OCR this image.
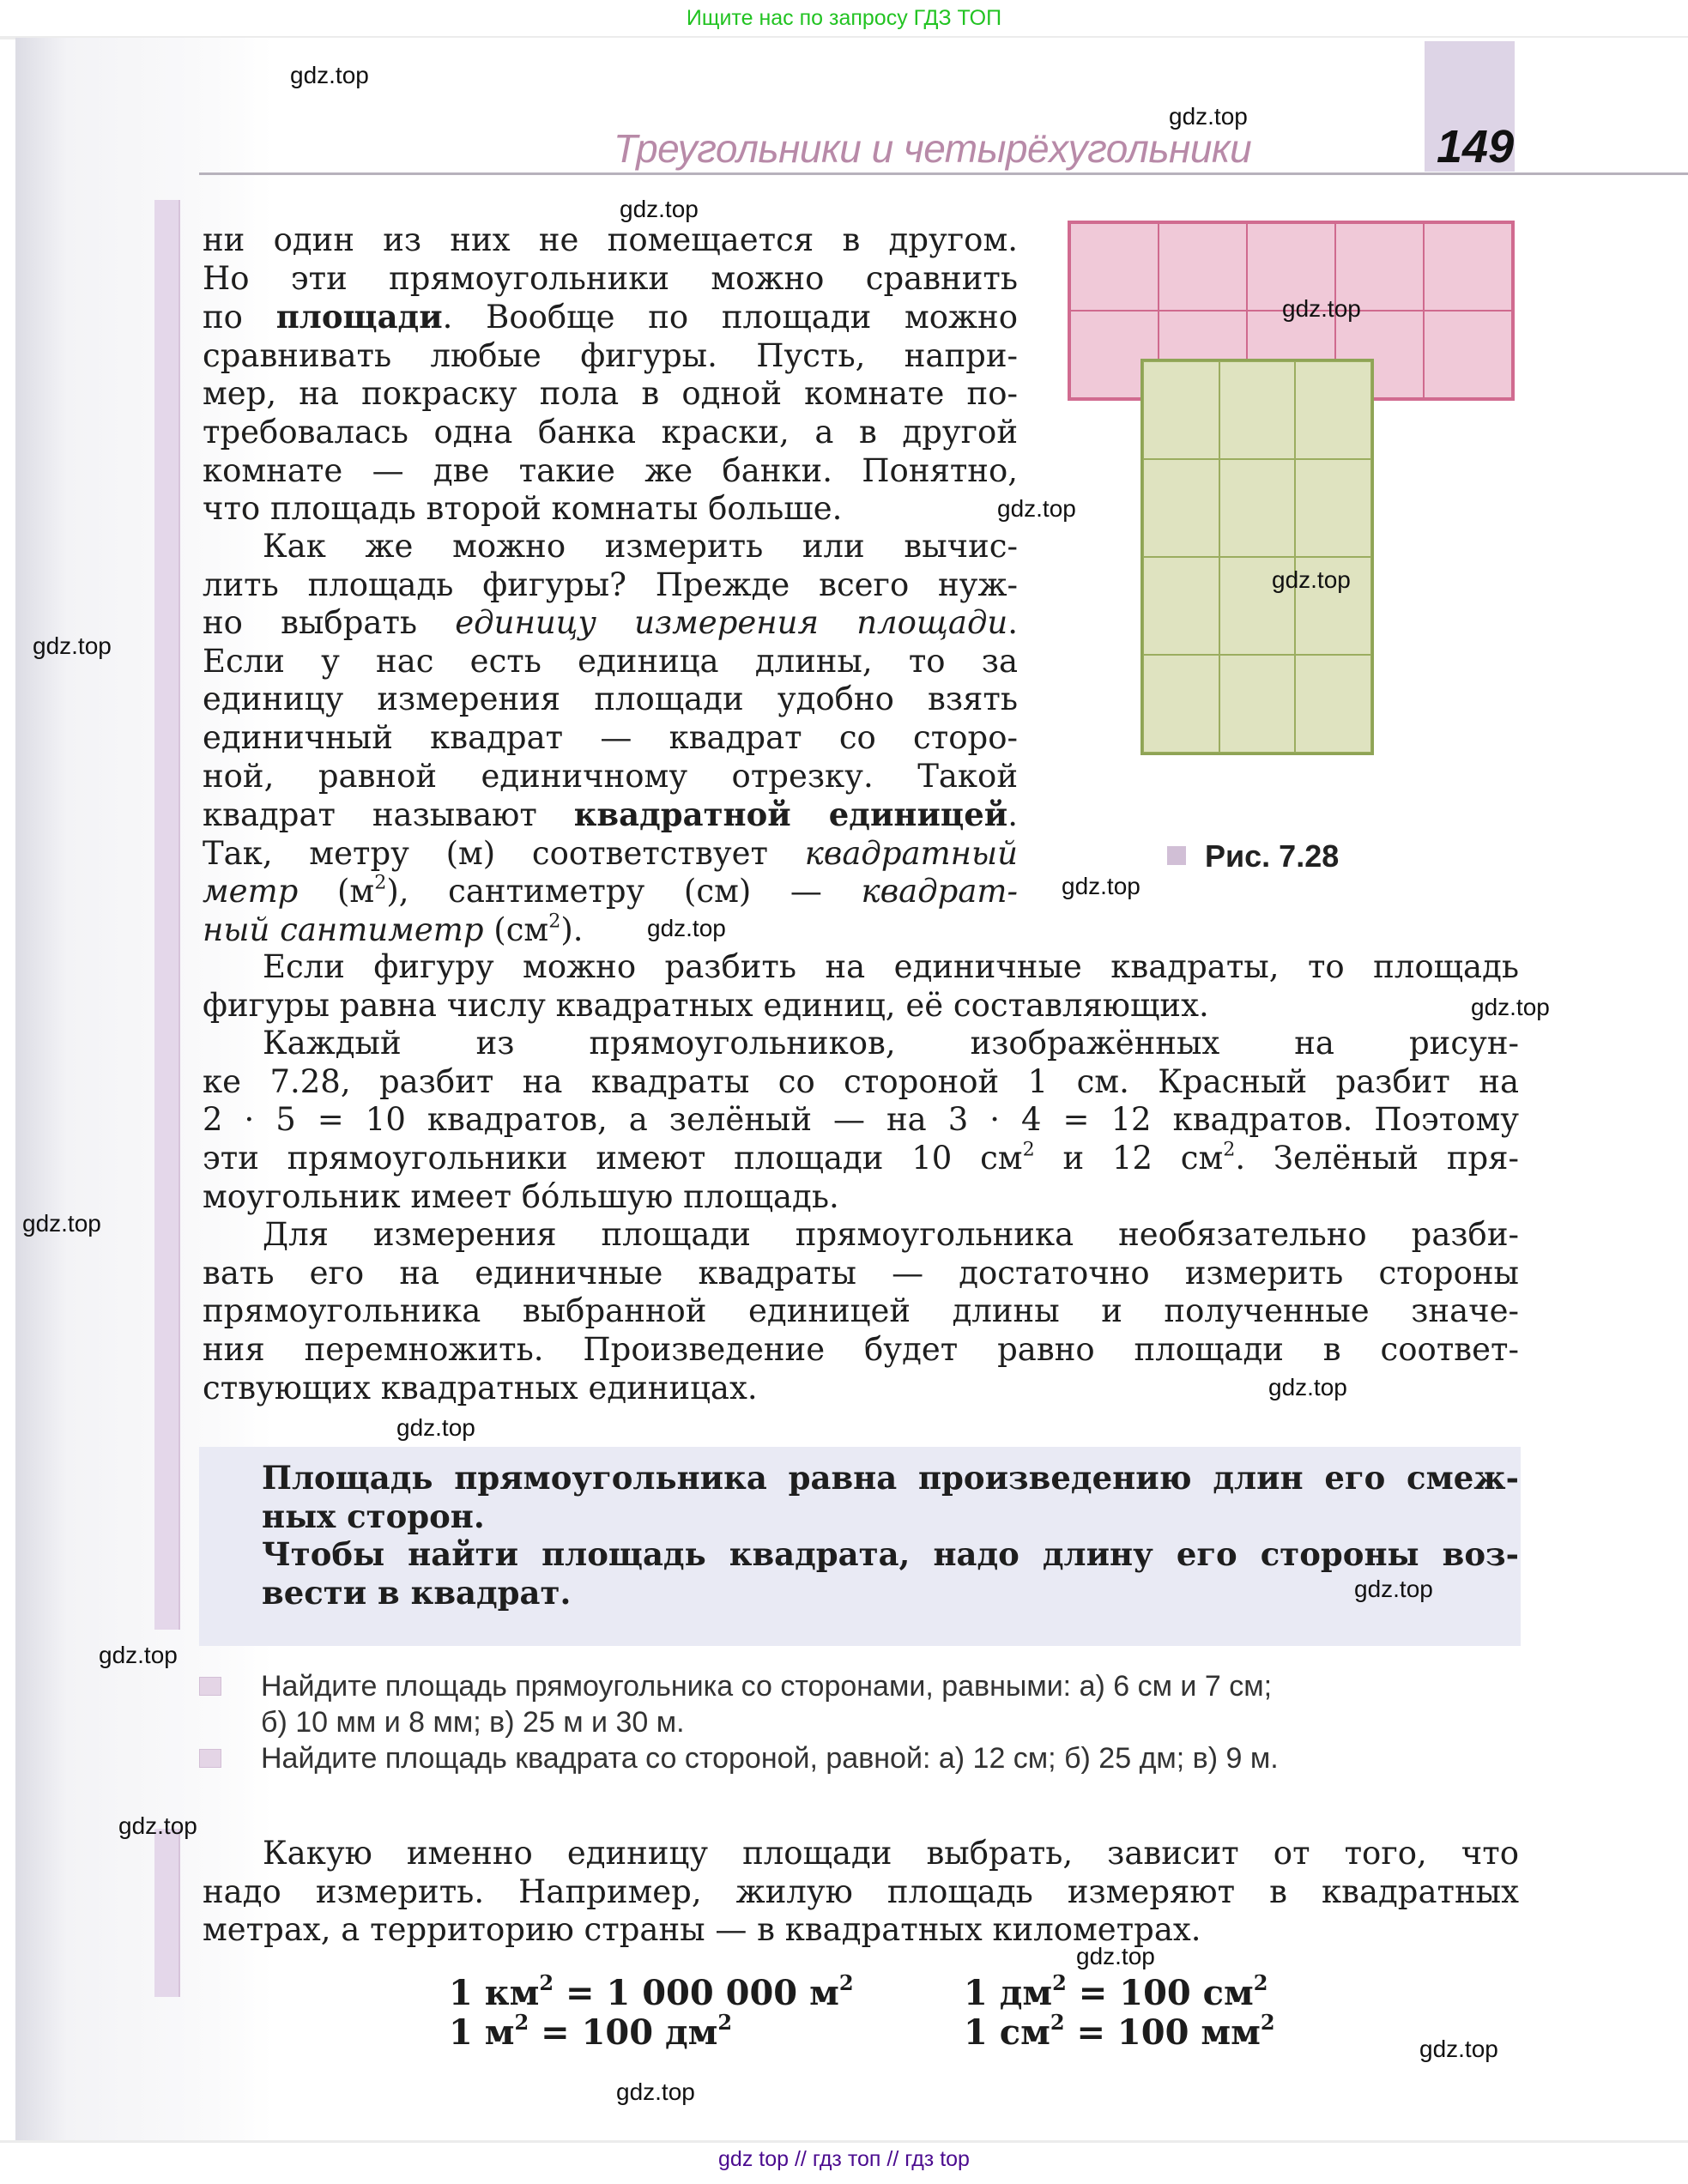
Ищите нас по запросу ГДЗ ТОП
Треугольники и четырёхугольники	149
Рис. 7.28
ни один из них не помещается в другом.
Но эти прямоугольники можно сравнить
по площади. Вообще по площади можно
сравнивать любые фигуры. Пусть, напри-
мер, на покраску пола в одной комнате по-
требовалась одна банка краски, а в другой
комнате — две такие же банки. Понятно,
что площадь второй комнаты больше.
Как же можно измерить или вычис-
лить площадь фигуры? Прежде всего нуж-
но выбрать единицу измерения площади.
Если у нас есть единица длины, то за
единицу измерения площади удобно взять
единичный квадрат — квадрат со сторо-
ной, равной единичному отрезку. Такой
квадрат называют квадратной единицей.
Так, метру (м) соответствует квадратный
метр $(м^2)$, сантиметру (см) — квадрат-
ный сантиметр $(см^2)$.
Если фигуру можно разбить на единичные квадраты, то площадь
фигуры равна числу квадратных единиц, её составляющих.
Каждый из прямоугольников, изображённых на рисун-
ке 7.28, разбит на квадраты со стороной 1 см. Красный разбит на
2 · 5 = 10 квадратов, а зелёный — на 3 · 4 = 12 квадратов. Поэтому
эти прямоугольники имеют площади 10 $см^2$ и 12 $см^2$. Зелёный пря-
моугольник имеет бóльшую площадь.
Для измерения площади прямоугольника необязательно разби-
вать его на единичные квадраты — достаточно измерить стороны
прямоугольника выбранной единицей длины и полученные значе-
ния перемножить. Произведение будет равно площади в соответ-
ствующих квадратных единицах.
Площадь прямоугольника равна произведению длин его смеж-
ных сторон.
Чтобы найти площадь квадрата, надо длину его стороны воз-
вести в квадрат.
Найдите площадь прямоугольника со сторонами, равными: а) 6 см и 7 см;
б) 10 мм и 8 мм; в) 25 м и 30 м.
Найдите площадь квадрата со стороной, равной: а) 12 см; б) 25 дм; в) 9 м.
Какую именно единицу площади выбрать, зависит от того, что
надо измерить. Например, жилую площадь измеряют в квадратных
метрах, а территорию страны — в квадратных километрах.
1 $км^2 = 1$ 000 000 $м^2$	1 $дм^2 = 100$ $см^2$
1 $м^2 = 100$ $дм^2$	1 $см^2 = 100$ $мм^2$
gdz.top
gdz.top
gdz.top
gdz.top
gdz.top
gdz.top
gdz.top
gdz.top
gdz.top
gdz.top
gdz.top
gdz.top
gdz.top
gdz.top
gdz.top
gdz.top
gdz.top
gdz.top
gdz.top
gdz top // гдз топ // гдз top
